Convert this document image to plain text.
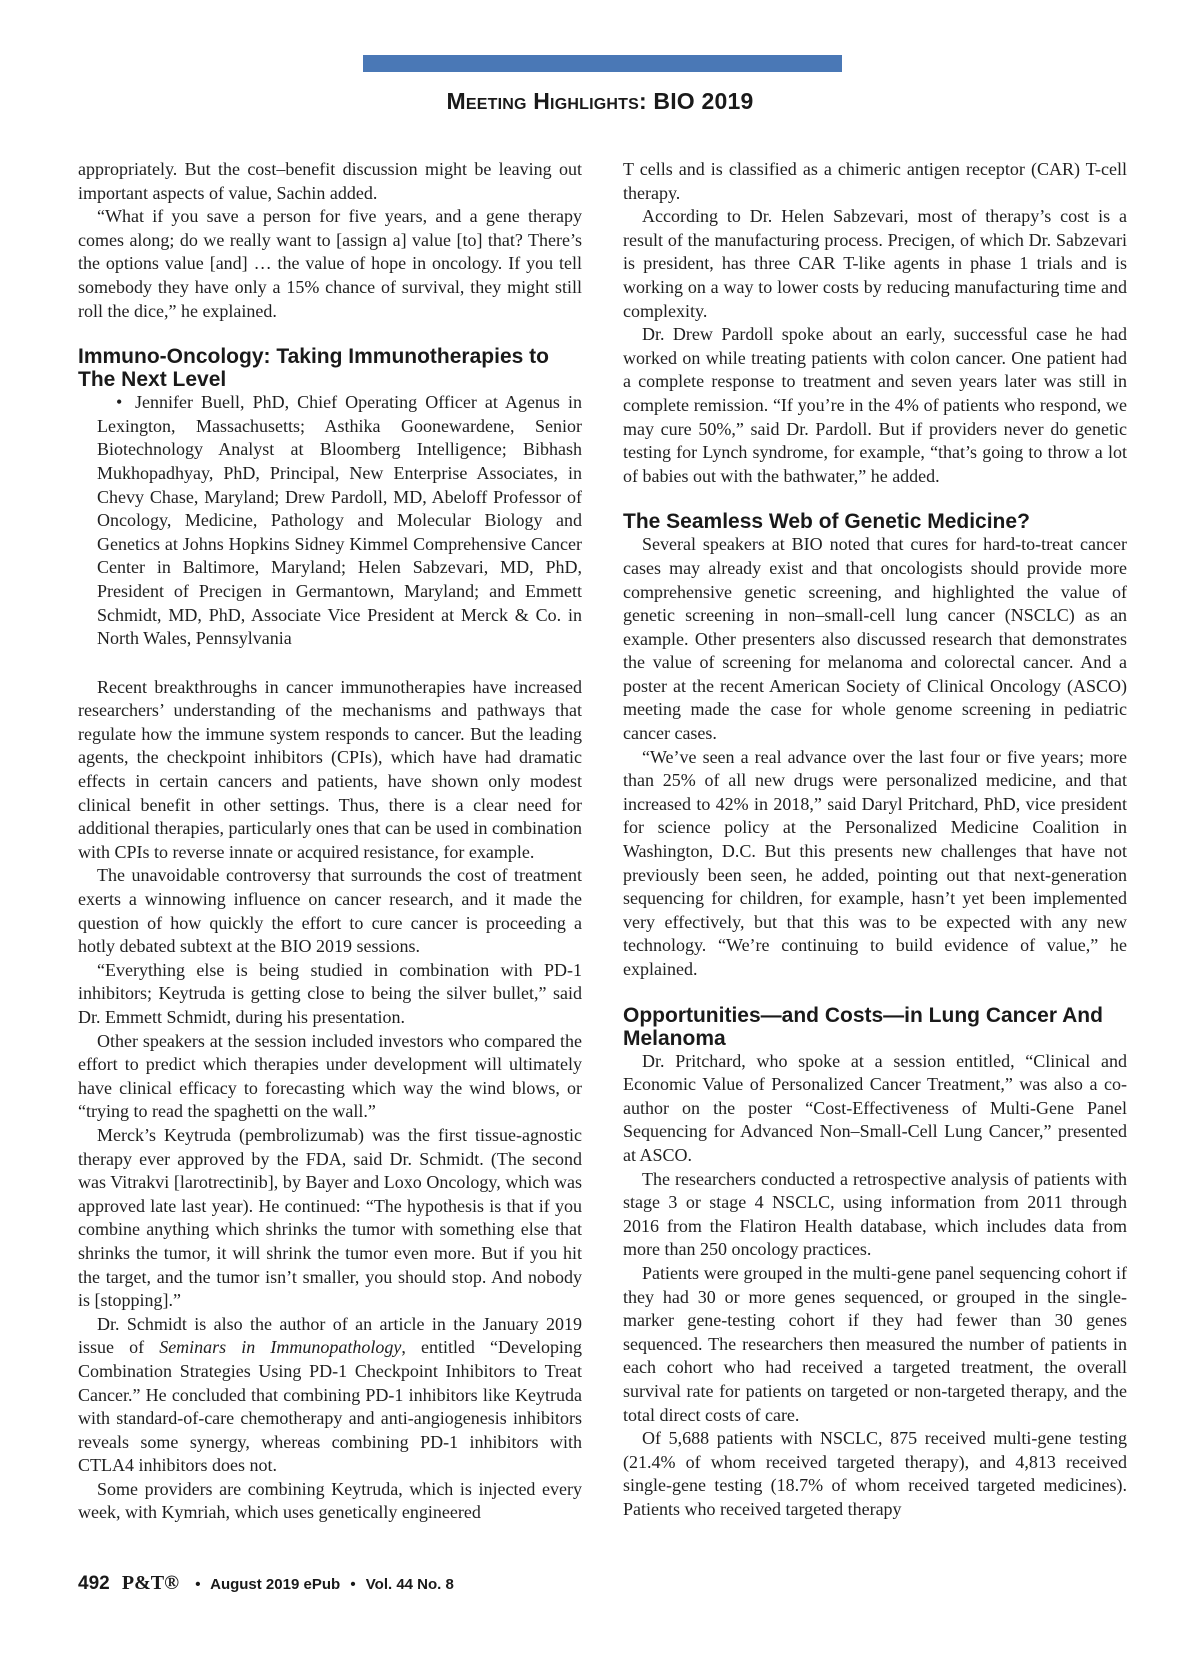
Meeting Highlights: BIO 2019

appropriately. But the cost–benefit discussion might be leaving out important aspects of value, Sachin added.

“What if you save a person for five years, and a gene therapy comes along; do we really want to [assign a] value [to] that? There’s the options value [and] … the value of hope in oncology. If you tell somebody they have only a 15% chance of survival, they might still roll the dice,” he explained.

Immuno-Oncology: Taking Immunotherapies to The Next Level

• Jennifer Buell, PhD, Chief Operating Officer at Agenus in Lexington, Massachusetts; Asthika Goonewardene, Senior Biotechnology Analyst at Bloomberg Intelligence; Bibhash Mukhopadhyay, PhD, Principal, New Enterprise Associates, in Chevy Chase, Maryland; Drew Pardoll, MD, Abeloff Professor of Oncology, Medicine, Pathology and Molecular Biology and Genetics at Johns Hopkins Sidney Kimmel Comprehensive Cancer Center in Baltimore, Maryland; Helen Sabzevari, MD, PhD, President of Precigen in Germantown, Maryland; and Emmett Schmidt, MD, PhD, Associate Vice President at Merck & Co. in North Wales, Pennsylvania

Recent breakthroughs in cancer immunotherapies have increased researchers’ understanding of the mechanisms and pathways that regulate how the immune system responds to cancer. But the leading agents, the checkpoint inhibitors (CPIs), which have had dramatic effects in certain cancers and patients, have shown only modest clinical benefit in other settings. Thus, there is a clear need for additional therapies, particularly ones that can be used in combination with CPIs to reverse innate or acquired resistance, for example.

The unavoidable controversy that surrounds the cost of treatment exerts a winnowing influence on cancer research, and it made the question of how quickly the effort to cure cancer is proceeding a hotly debated subtext at the BIO 2019 sessions.

“Everything else is being studied in combination with PD-1 inhibitors; Keytruda is getting close to being the silver bullet,” said Dr. Emmett Schmidt, during his presentation.

Other speakers at the session included investors who compared the effort to predict which therapies under development will ultimately have clinical efficacy to forecasting which way the wind blows, or “trying to read the spaghetti on the wall.”

Merck’s Keytruda (pembrolizumab) was the first tissue-agnostic therapy ever approved by the FDA, said Dr. Schmidt. (The second was Vitrakvi [larotrectinib], by Bayer and Loxo Oncology, which was approved late last year). He continued: “The hypothesis is that if you combine anything which shrinks the tumor with something else that shrinks the tumor, it will shrink the tumor even more. But if you hit the target, and the tumor isn’t smaller, you should stop. And nobody is [stopping].”

Dr. Schmidt is also the author of an article in the January 2019 issue of Seminars in Immunopathology, entitled “Developing Combination Strategies Using PD-1 Checkpoint Inhibitors to Treat Cancer.” He concluded that combining PD-1 inhibitors like Keytruda with standard-of-care chemotherapy and anti-angiogenesis inhibitors reveals some synergy, whereas combining PD-1 inhibitors with CTLA4 inhibitors does not.

Some providers are combining Keytruda, which is injected every week, with Kymriah, which uses genetically engineered

T cells and is classified as a chimeric antigen receptor (CAR) T-cell therapy.

According to Dr. Helen Sabzevari, most of therapy’s cost is a result of the manufacturing process. Precigen, of which Dr. Sabzevari is president, has three CAR T-like agents in phase 1 trials and is working on a way to lower costs by reducing manufacturing time and complexity.

Dr. Drew Pardoll spoke about an early, successful case he had worked on while treating patients with colon cancer. One patient had a complete response to treatment and seven years later was still in complete remission. “If you’re in the 4% of patients who respond, we may cure 50%,” said Dr. Pardoll. But if providers never do genetic testing for Lynch syndrome, for example, “that’s going to throw a lot of babies out with the bathwater,” he added.

The Seamless Web of Genetic Medicine?

Several speakers at BIO noted that cures for hard-to-treat cancer cases may already exist and that oncologists should provide more comprehensive genetic screening, and highlighted the value of genetic screening in non–small-cell lung cancer (NSCLC) as an example. Other presenters also discussed research that demonstrates the value of screening for melanoma and colorectal cancer. And a poster at the recent American Society of Clinical Oncology (ASCO) meeting made the case for whole genome screening in pediatric cancer cases.

“We’ve seen a real advance over the last four or five years; more than 25% of all new drugs were personalized medicine, and that increased to 42% in 2018,” said Daryl Pritchard, PhD, vice president for science policy at the Personalized Medicine Coalition in Washington, D.C. But this presents new challenges that have not previously been seen, he added, pointing out that next-generation sequencing for children, for example, hasn’t yet been implemented very effectively, but that this was to be expected with any new technology. “We’re continuing to build evidence of value,” he explained.

Opportunities—and Costs—in Lung Cancer And Melanoma

Dr. Pritchard, who spoke at a session entitled, “Clinical and Economic Value of Personalized Cancer Treatment,” was also a co-author on the poster “Cost-Effectiveness of Multi-Gene Panel Sequencing for Advanced Non–Small-Cell Lung Cancer,” presented at ASCO.

The researchers conducted a retrospective analysis of patients with stage 3 or stage 4 NSCLC, using information from 2011 through 2016 from the Flatiron Health database, which includes data from more than 250 oncology practices.

Patients were grouped in the multi-gene panel sequencing cohort if they had 30 or more genes sequenced, or grouped in the single-marker gene-testing cohort if they had fewer than 30 genes sequenced. The researchers then measured the number of patients in each cohort who had received a targeted treatment, the overall survival rate for patients on targeted or non-targeted therapy, and the total direct costs of care.

Of 5,688 patients with NSCLC, 875 received multi-gene testing (21.4% of whom received targeted therapy), and 4,813 received single-gene testing (18.7% of whom received targeted medicines). Patients who received targeted therapy

492 P&T® • August 2019 ePub • Vol. 44 No. 8
